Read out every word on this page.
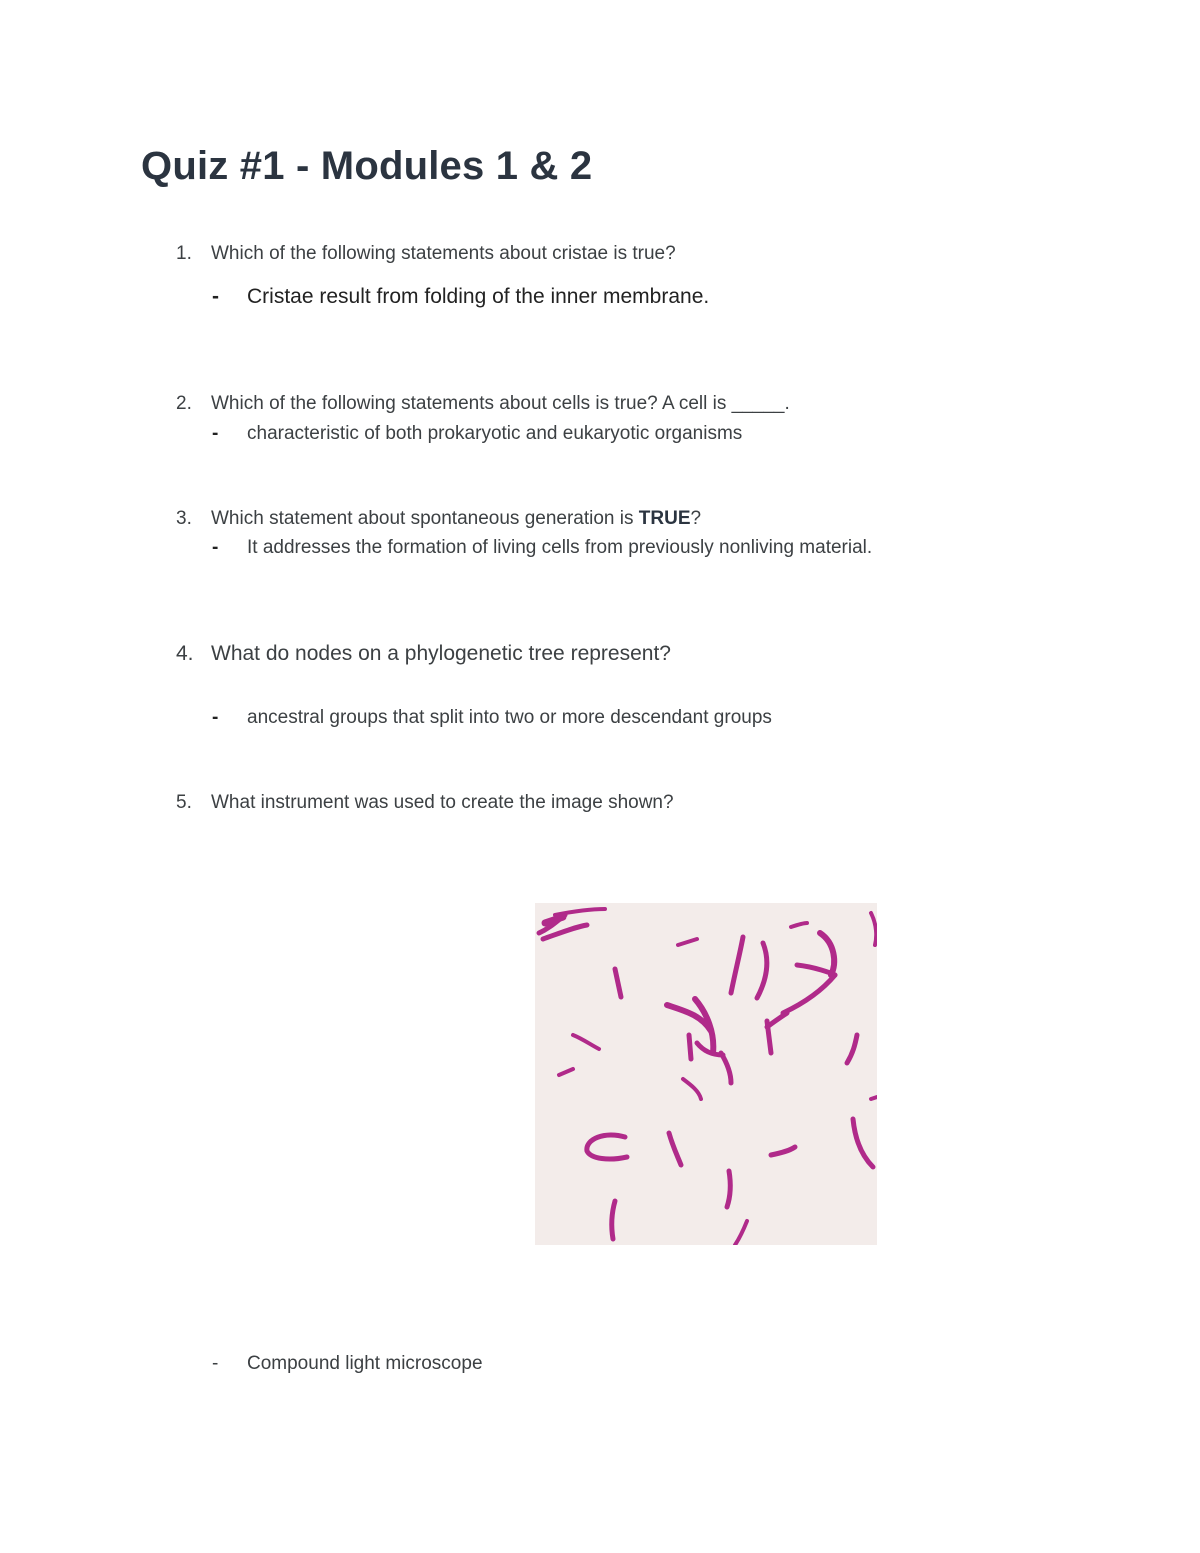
Quiz #1 - Modules 1 & 2
1. Which of the following statements about cristae is true?
- Cristae result from folding of the inner membrane.
2. Which of the following statements about cells is true? A cell is _____.
- characteristic of both prokaryotic and eukaryotic organisms
3. Which statement about spontaneous generation is TRUE?
- It addresses the formation of living cells from previously nonliving material.
4. What do nodes on a phylogenetic tree represent?
- ancestral groups that split into two or more descendant groups
5. What instrument was used to create the image shown?
- Compound light microscope
